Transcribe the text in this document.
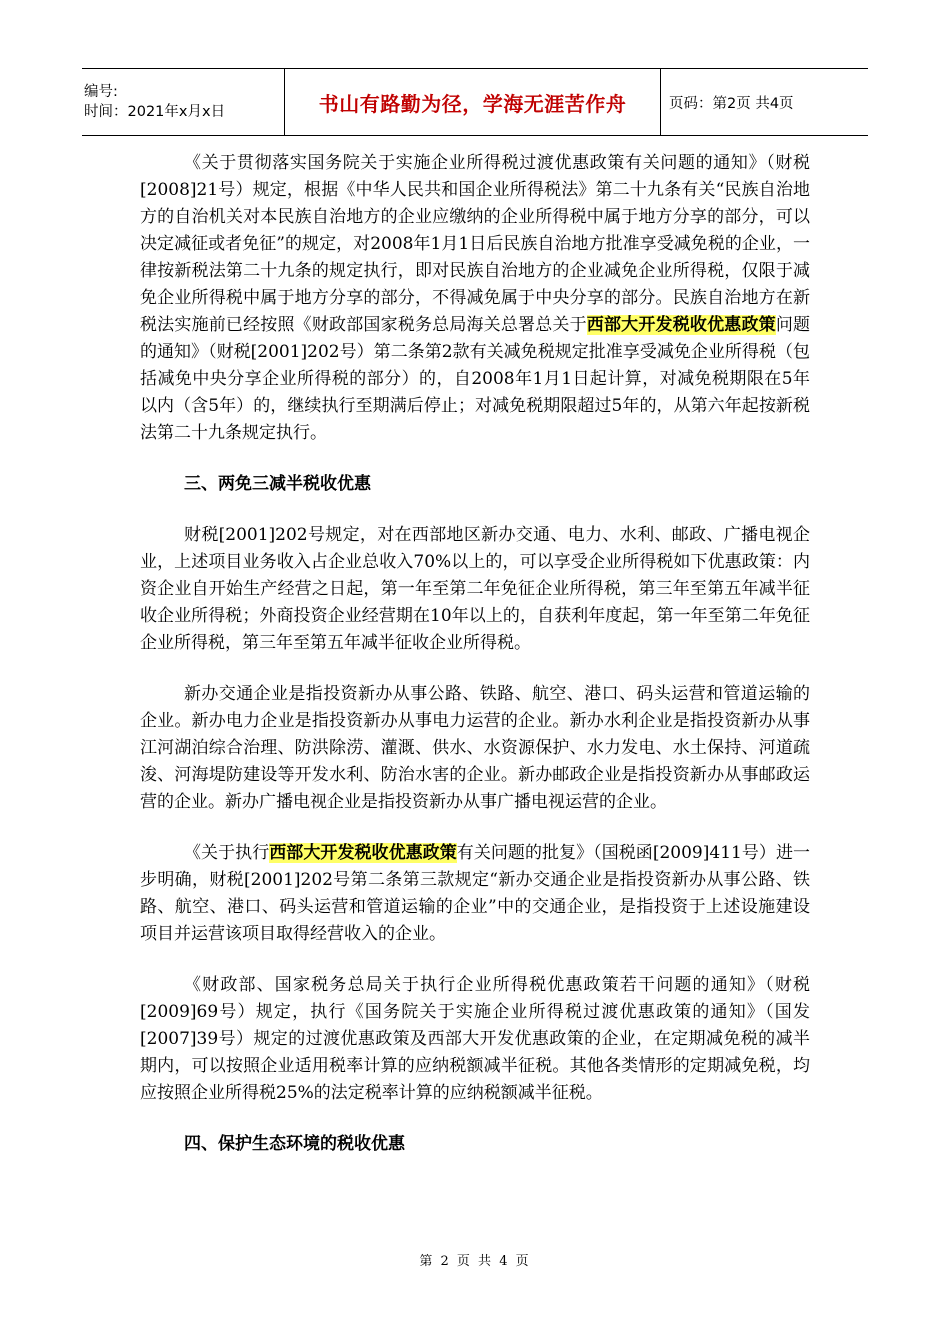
编号:
时间：2021年x月x日	书山有路勤为径，学海无涯苦作舟	页码：第2页 共4页

《关于贯彻落实国务院关于实施企业所得税过渡优惠政策有关问题的通知》（财税[2008]21号）规定，根据《中华人民共和国企业所得税法》第二十九条有关“民族自治地方的自治机关对本民族自治地方的企业应缴纳的企业所得税中属于地方分享的部分，可以决定减征或者免征”的规定，对2008年1月1日后民族自治地方批准享受减免税的企业，一律按新税法第二十九条的规定执行，即对民族自治地方的企业减免企业所得税，仅限于减免企业所得税中属于地方分享的部分，不得减免属于中央分享的部分。民族自治地方在新税法实施前已经按照《财政部国家税务总局海关总署总关于西部大开发税收优惠政策问题的通知》（财税[2001]202号）第二条第2款有关减免税规定批准享受减免企业所得税（包括减免中央分享企业所得税的部分）的，自2008年1月1日起计算，对减免税期限在5年以内（含5年）的，继续执行至期满后停止；对减免税期限超过5年的，从第六年起按新税法第二十九条规定执行。

三、两免三减半税收优惠

财税[2001]202号规定，对在西部地区新办交通、电力、水利、邮政、广播电视企业，上述项目业务收入占企业总收入70%以上的，可以享受企业所得税如下优惠政策：内资企业自开始生产经营之日起，第一年至第二年免征企业所得税，第三年至第五年减半征收企业所得税；外商投资企业经营期在10年以上的，自获利年度起，第一年至第二年免征企业所得税，第三年至第五年减半征收企业所得税。

新办交通企业是指投资新办从事公路、铁路、航空、港口、码头运营和管道运输的企业。新办电力企业是指投资新办从事电力运营的企业。新办水利企业是指投资新办从事江河湖泊综合治理、防洪除涝、灌溉、供水、水资源保护、水力发电、水土保持、河道疏浚、河海堤防建设等开发水利、防治水害的企业。新办邮政企业是指投资新办从事邮政运营的企业。新办广播电视企业是指投资新办从事广播电视运营的企业。

《关于执行西部大开发税收优惠政策有关问题的批复》（国税函[2009]411号）进一步明确，财税[2001]202号第二条第三款规定“新办交通企业是指投资新办从事公路、铁路、航空、港口、码头运营和管道运输的企业”中的交通企业，是指投资于上述设施建设项目并运营该项目取得经营收入的企业。

《财政部、国家税务总局关于执行企业所得税优惠政策若干问题的通知》（财税[2009]69号）规定，执行《国务院关于实施企业所得税过渡优惠政策的通知》（国发[2007]39号）规定的过渡优惠政策及西部大开发优惠政策的企业，在定期减免税的减半期内，可以按照企业适用税率计算的应纳税额减半征税。其他各类情形的定期减免税，均应按照企业所得税25%的法定税率计算的应纳税额减半征税。

四、保护生态环境的税收优惠
第 2 页 共 4 页
